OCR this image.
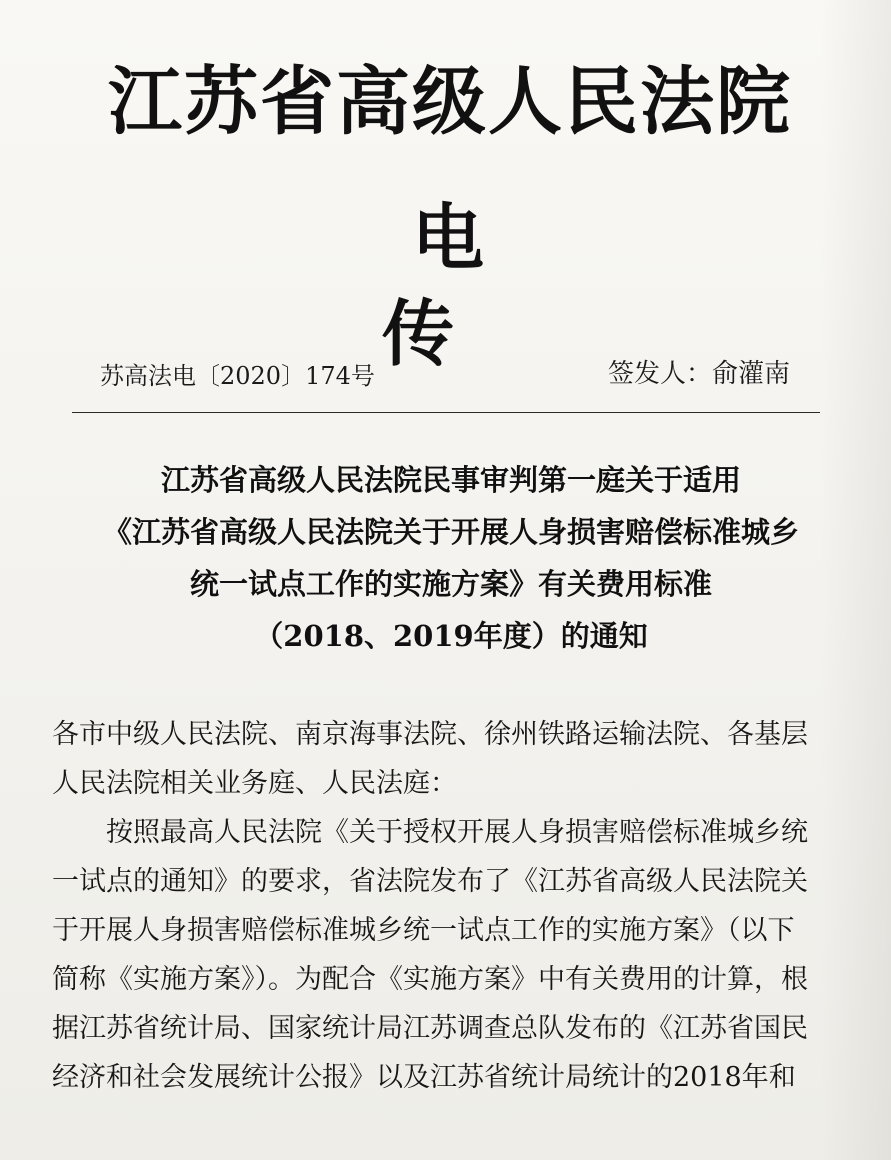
江苏省高级人民法院
电传
苏高法电〔2020〕174号	签发人：俞灌南
江苏省高级人民法院民事审判第一庭关于适用
《江苏省高级人民法院关于开展人身损害赔偿标准城乡
统一试点工作的实施方案》有关费用标准
（2018、2019年度）的通知
各市中级人民法院、南京海事法院、徐州铁路运输法院、各基层
人民法院相关业务庭、人民法庭：
　　按照最高人民法院《关于授权开展人身损害赔偿标准城乡统
一试点的通知》的要求，省法院发布了《江苏省高级人民法院关
于开展人身损害赔偿标准城乡统一试点工作的实施方案》（以下
简称《实施方案》）。为配合《实施方案》中有关费用的计算，根
据江苏省统计局、国家统计局江苏调查总队发布的《江苏省国民
经济和社会发展统计公报》以及江苏省统计局统计的2018年和
